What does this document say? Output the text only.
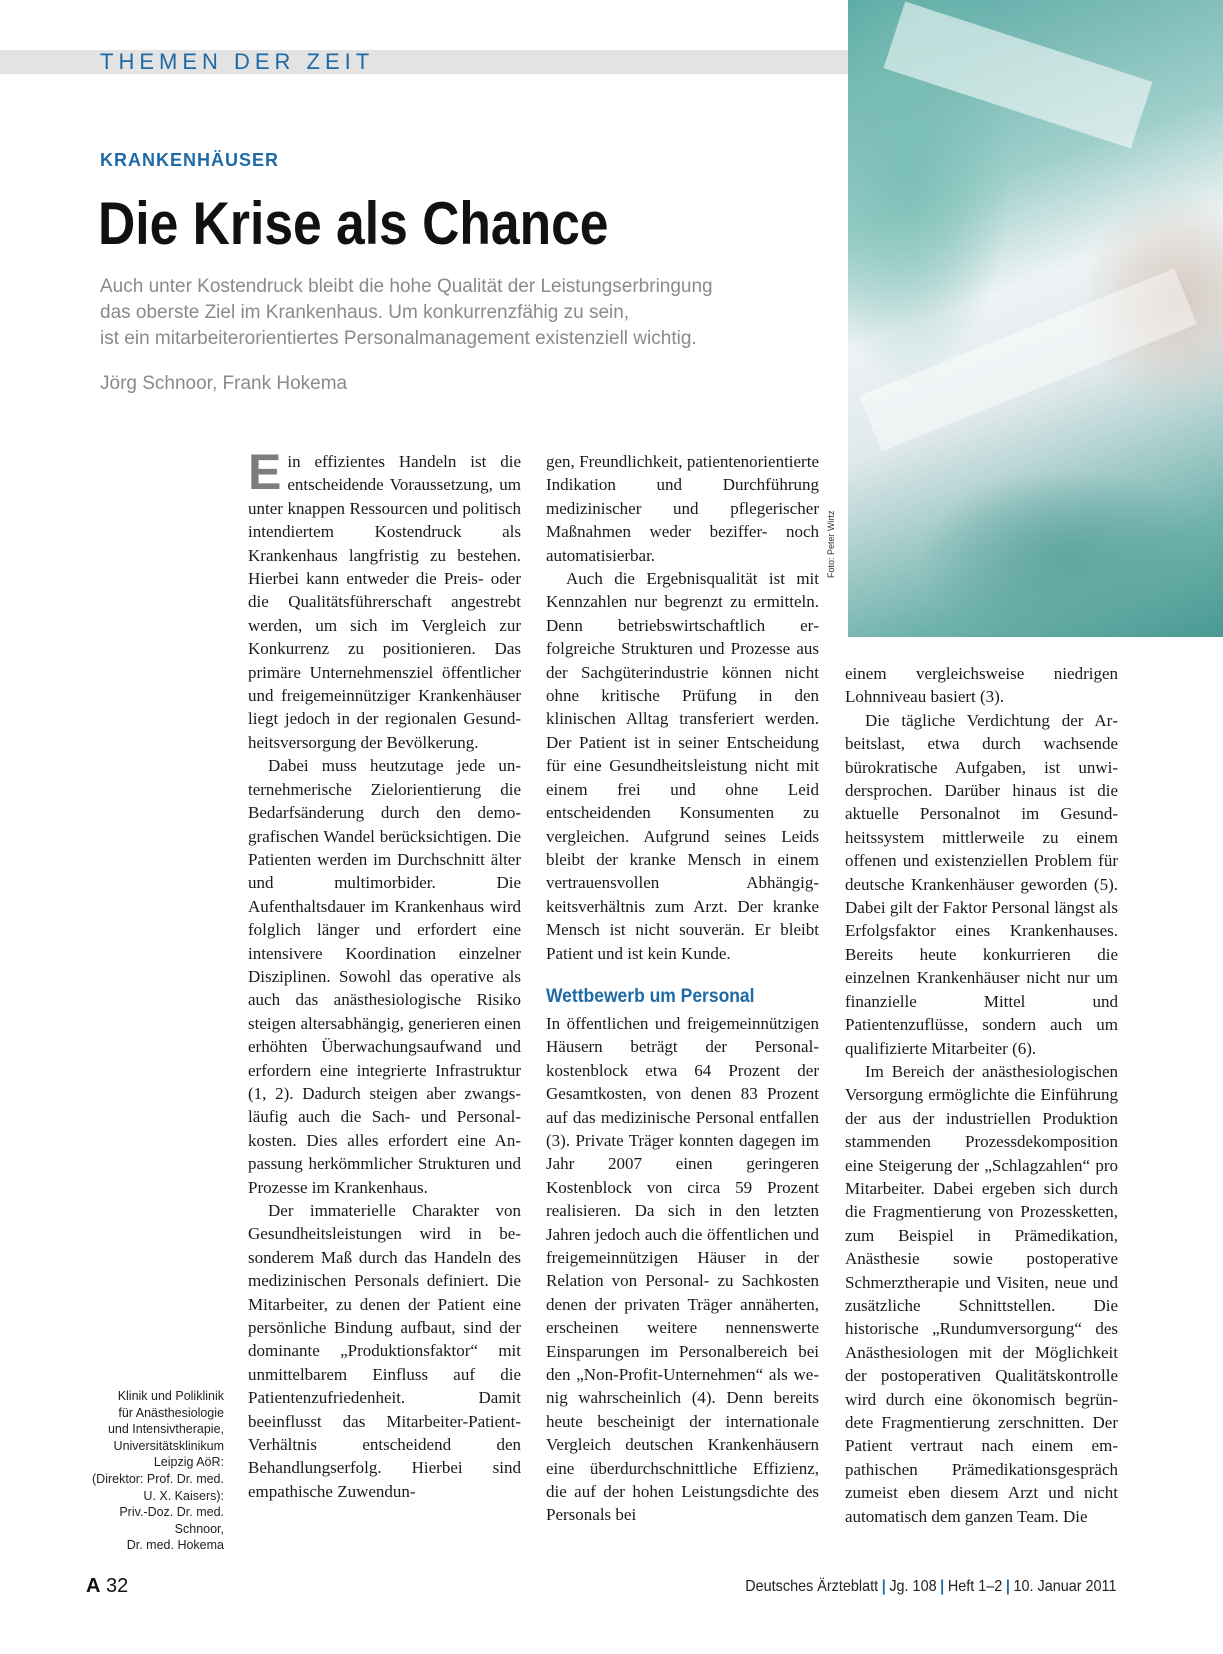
THEMEN DER ZEIT
Foto: Peter Wirtz
KRANKENHÄUSER
Die Krise als Chance
Auch unter Kostendruck bleibt die hohe Qualität der Leistungserbringung
das oberste Ziel im Krankenhaus. Um konkurrenzfähig zu sein,
ist ein mitarbeiterorientiertes Personalmanagement existenziell wichtig.
Jörg Schnoor, Frank Hokema

Ein effizientes Handeln ist die entscheidende Voraussetzung, um unter knappen Ressourcen und politisch intendiertem Kostendruck als Krankenhaus langfristig zu bestehen. Hierbei kann entweder die Preis- oder die Qualitätsführerschaft angestrebt werden, um sich im Vergleich zur Konkurrenz zu positionieren. Das primäre Unternehmensziel öffentlicher und freigemeinnütziger Krankenhäuser liegt jedoch in der regionalen Gesundheitsversorgung der Bevölkerung.

Dabei muss heutzutage jede unternehmerische Zielorientierung die Bedarfsänderung durch den demografischen Wandel berücksichtigen. Die Patienten werden im Durchschnitt älter und multimorbider. Die Aufenthaltsdauer im Krankenhaus wird folglich länger und erfordert eine intensivere Koordination einzelner Disziplinen. Sowohl das operative als auch das anästhesiologische Risiko steigen altersabhängig, generieren einen erhöhten Überwachungsaufwand und erfordern eine integrierte Infrastruktur (1, 2). Dadurch steigen aber zwangsläufig auch die Sach- und Personalkosten. Dies alles erfordert eine Anpassung herkömmlicher Strukturen und Prozesse im Krankenhaus.

Der immaterielle Charakter von Gesundheitsleistungen wird in besonderem Maß durch das Handeln des medizinischen Personals definiert. Die Mitarbeiter, zu denen der Patient eine persönliche Bindung aufbaut, sind der dominante „Produktionsfaktor“ mit unmittelbarem Einfluss auf die Patientenzufriedenheit. Damit beeinflusst das Mitarbeiter-Patient-Verhältnis entscheidend den Behandlungserfolg. Hierbei sind empathische Zuwendun-

gen, Freundlichkeit, patientenorientierte Indikation und Durchführung medizinischer und pflegerischer Maßnahmen weder beziffer- noch automatisierbar.

Auch die Ergebnisqualität ist mit Kennzahlen nur begrenzt zu ermitteln. Denn betriebswirtschaftlich erfolgreiche Strukturen und Prozesse aus der Sachgüterindustrie können nicht ohne kritische Prüfung in den klinischen Alltag transferiert werden. Der Patient ist in seiner Entscheidung für eine Gesundheitsleistung nicht mit einem frei und ohne Leid entscheidenden Konsumenten zu vergleichen. Aufgrund seines Leids bleibt der kranke Mensch in einem vertrauensvollen Abhängigkeitsverhältnis zum Arzt. Der kranke Mensch ist nicht souverän. Er bleibt Patient und ist kein Kunde.

Wettbewerb um Personal

In öffentlichen und freigemeinnützigen Häusern beträgt der Personalkostenblock etwa 64 Prozent der Gesamtkosten, von denen 83 Prozent auf das medizinische Personal entfallen (3). Private Träger konnten dagegen im Jahr 2007 einen geringeren Kostenblock von circa 59 Prozent realisieren. Da sich in den letzten Jahren jedoch auch die öffentlichen und freigemeinnützigen Häuser in der Relation von Personal- zu Sachkosten denen der privaten Träger annäherten, erscheinen weitere nennenswerte Einsparungen im Personalbereich bei den „Non-Profit-Unternehmen“ als wenig wahrscheinlich (4). Denn bereits heute bescheinigt der internationale Vergleich deutschen Krankenhäusern eine überdurchschnittliche Effizienz, die auf der hohen Leistungsdichte des Personals bei

einem vergleichsweise niedrigen Lohnniveau basiert (3).

Die tägliche Verdichtung der Arbeitslast, etwa durch wachsende bürokratische Aufgaben, ist unwidersprochen. Darüber hinaus ist die aktuelle Personalnot im Gesundheitssystem mittlerweile zu einem offenen und existenziellen Problem für deutsche Krankenhäuser geworden (5). Dabei gilt der Faktor Personal längst als Erfolgsfaktor eines Krankenhauses. Bereits heute konkurrieren die einzelnen Krankenhäuser nicht nur um finanzielle Mittel und Patientenzuflüsse, sondern auch um qualifizierte Mitarbeiter (6).

Im Bereich der anästhesiologischen Versorgung ermöglichte die Einführung der aus der industriellen Produktion stammenden Prozessdekomposition eine Steigerung der „Schlagzahlen“ pro Mitarbeiter. Dabei ergeben sich durch die Fragmentierung von Prozessketten, zum Beispiel in Prämedikation, Anästhesie sowie postoperative Schmerztherapie und Visiten, neue und zusätzliche Schnittstellen. Die historische „Rundumversorgung“ des Anästhesiologen mit der Möglichkeit der postoperativen Qualitätskontrolle wird durch eine ökonomisch begründete Fragmentierung zerschnitten. Der Patient vertraut nach einem empathischen Prämedikationsgespräch zumeist eben diesem Arzt und nicht automatisch dem ganzen Team. Die

Klinik und Poliklinik
für Anästhesiologie
und Intensivtherapie,
Universitätsklinikum
Leipzig AöR:
(Direktor: Prof. Dr. med.
U. X. Kaisers):
Priv.-Doz. Dr. med.
Schnoor,
Dr. med. Hokema
A 32	Deutsches Ärzteblatt | Jg. 108 | Heft 1–2 | 10. Januar 2011
